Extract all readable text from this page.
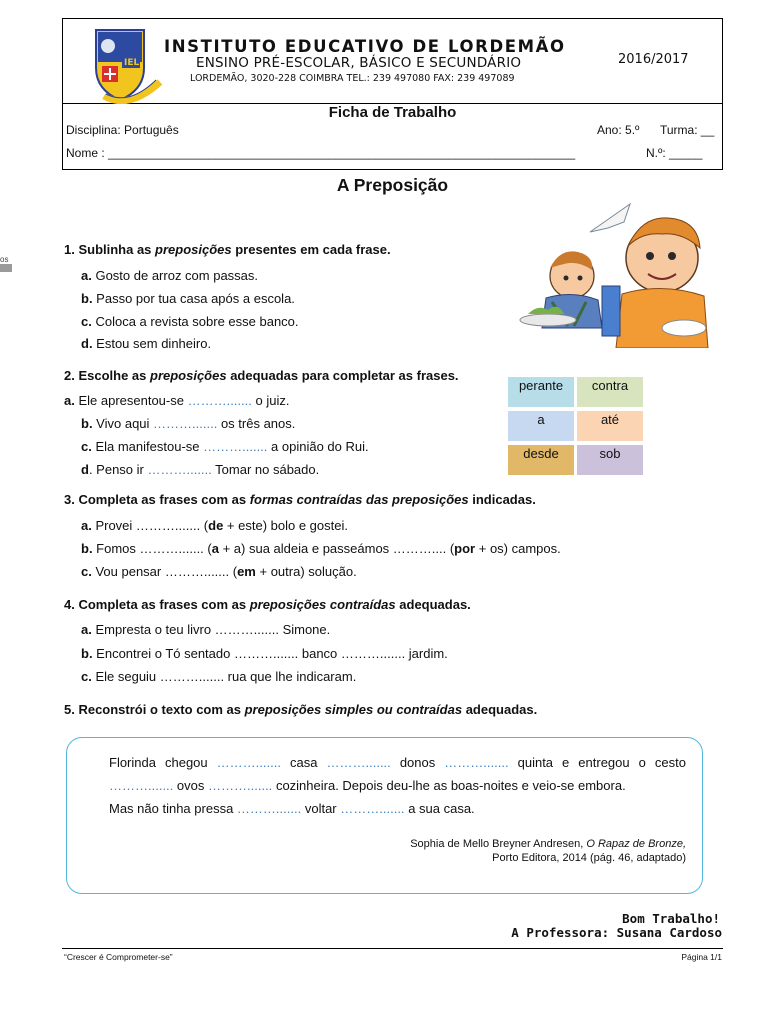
os
IEL
INSTITUTO EDUCATIVO DE LORDEMÃO
ENSINO PRÉ-ESCOLAR, BÁSICO E SECUNDÁRIO
LORDEMÃO, 3020-228 COIMBRA TEL.: 239 497080 FAX: 239 497089
2016/2017
Ficha de Trabalho
Disciplina: Português	Ano: 5.º Turma: __
Nome : ______________________________________________________________________	N.º: _____
A Preposição
1. Sublinha as preposições presentes em cada frase.
a. Gosto de arroz com passas.
b. Passo por tua casa após a escola.
c. Coloca a revista sobre esse banco.
d. Estou sem dinheiro.
2. Escolhe as preposições adequadas para completar as frases.
a. Ele apresentou-se ………....... o juiz.
b. Vivo aqui ………....... os três anos.
c. Ela manifestou-se ………....... a opinião do Rui.
d. Penso ir ………....... Tomar no sábado.
perante	contra
a	até
desde	sob
3. Completa as frases com as formas contraídas das preposições indicadas.
a. Provei ………....... (de + este) bolo e gostei.
b. Fomos ………....... (a + a) sua aldeia e passeámos ……….... (por + os) campos.
c. Vou pensar ………....... (em + outra) solução.
4. Completa as frases com as preposições contraídas adequadas.
a. Empresta o teu livro ………....... Simone.
b. Encontrei o Tó sentado ………....... banco ………....... jardim.
c. Ele seguiu ………....... rua que lhe indicaram.
5. Reconstrói o texto com as preposições simples ou contraídas adequadas.
Florinda chegou ………....... casa ………....... donos ………....... quinta e entregou o cesto
………....... ovos ………....... cozinheira. Depois deu-lhe as boas-noites e veio-se embora.
Mas não tinha pressa ………....... voltar ………....... a sua casa.
Sophia de Mello Breyner Andresen, O Rapaz de Bronze,
Porto Editora, 2014 (pág. 46, adaptado)
Bom Trabalho!
A Professora: Susana Cardoso
“Crescer é Comprometer-se”	Página 1/1
